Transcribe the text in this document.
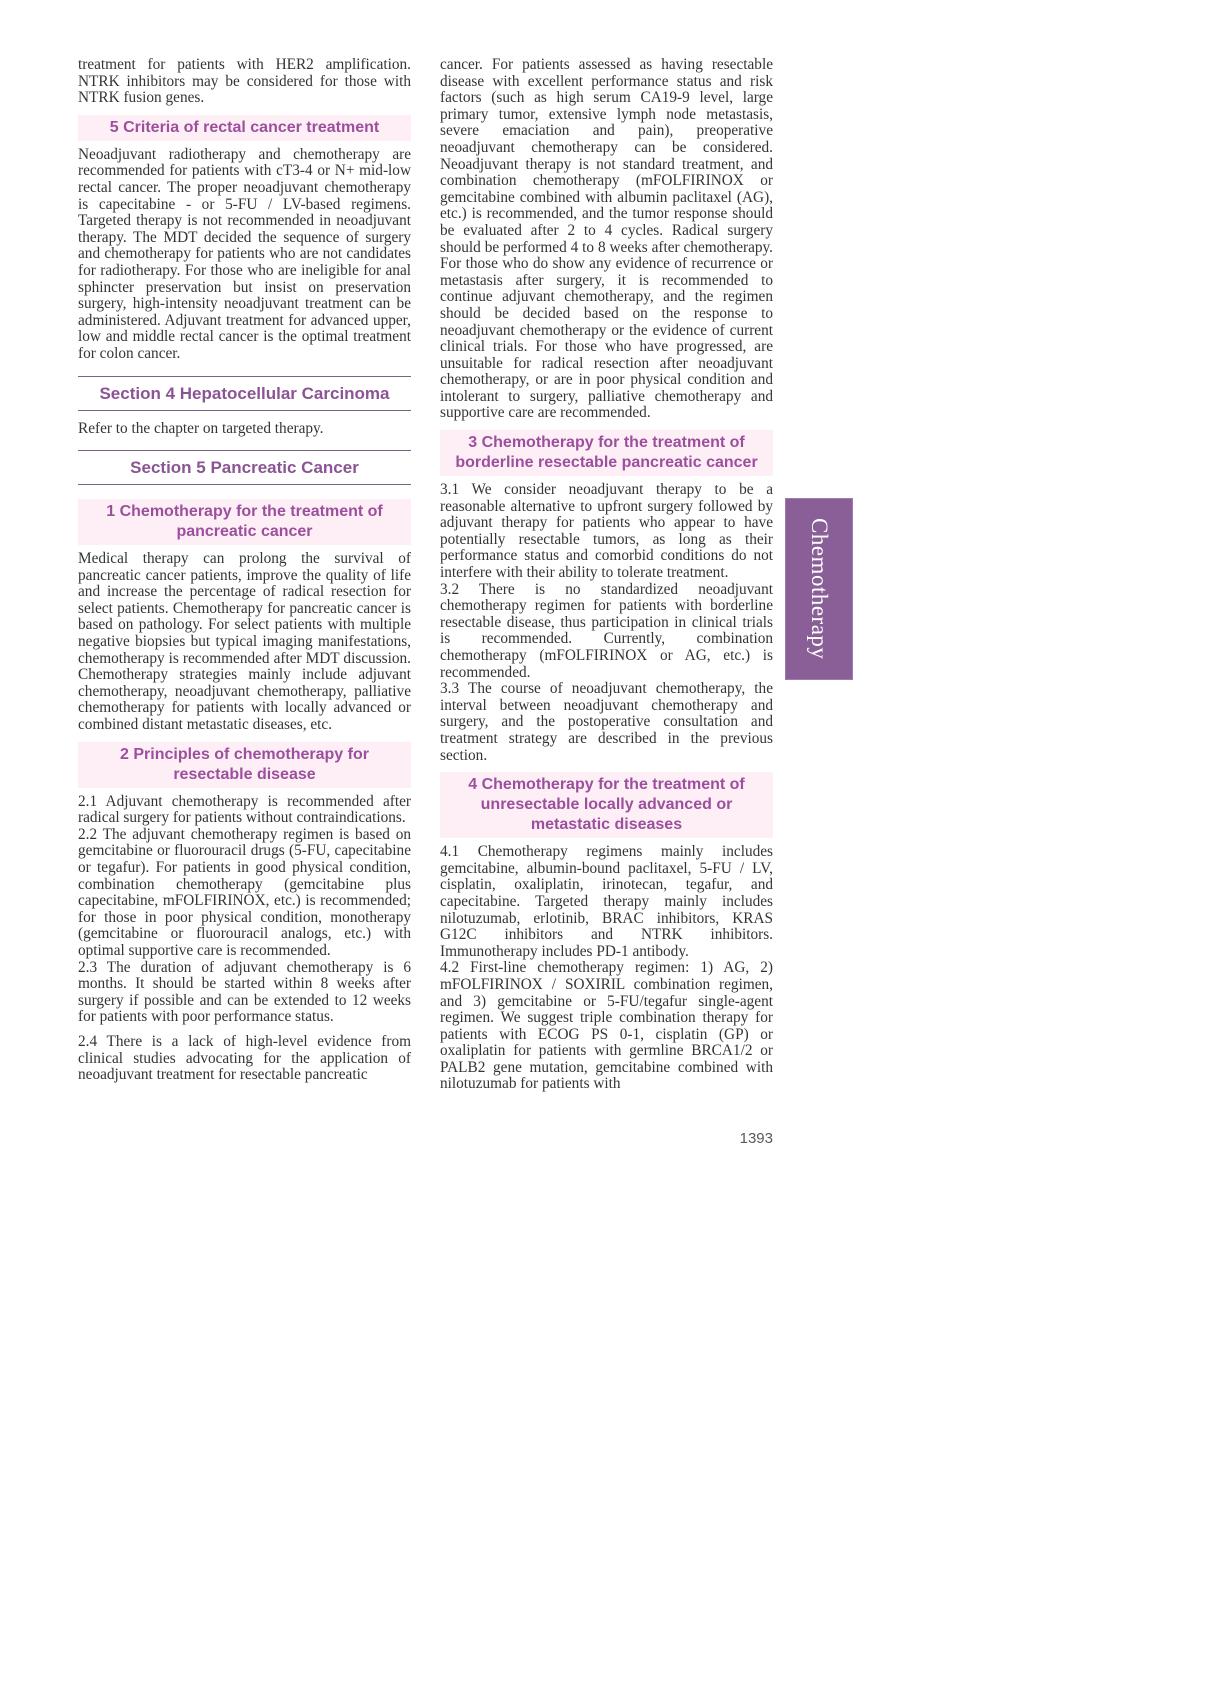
treatment for patients with HER2 amplification. NTRK inhibitors may be considered for those with NTRK fusion genes.

5 Criteria of rectal cancer treatment

Neoadjuvant radiotherapy and chemotherapy are recommended for patients with cT3-4 or N+ mid-low rectal cancer. The proper neoadjuvant chemotherapy is capecitabine - or 5-FU / LV-based regimens. Targeted therapy is not recommended in neoadjuvant therapy. The MDT decided the sequence of surgery and chemotherapy for patients who are not candidates for radiotherapy. For those who are ineligible for anal sphincter preservation but insist on preservation surgery, high-intensity neoadjuvant treatment can be administered. Adjuvant treatment for advanced upper, low and middle rectal cancer is the optimal treatment for colon cancer.

Section 4 Hepatocellular Carcinoma

Refer to the chapter on targeted therapy.

Section 5 Pancreatic Cancer
1 Chemotherapy for the treatment of pancreatic cancer

Medical therapy can prolong the survival of pancreatic cancer patients, improve the quality of life and increase the percentage of radical resection for select patients. Chemotherapy for pancreatic cancer is based on pathology. For select patients with multiple negative biopsies but typical imaging manifestations, chemotherapy is recommended after MDT discussion. Chemotherapy strategies mainly include adjuvant chemotherapy, neoadjuvant chemotherapy, palliative chemotherapy for patients with locally advanced or combined distant metastatic diseases, etc.

2 Principles of chemotherapy for resectable disease

2.1 Adjuvant chemotherapy is recommended after radical surgery for patients without contraindications.

2.2 The adjuvant chemotherapy regimen is based on gemcitabine or fluorouracil drugs (5-FU, capecitabine or tegafur). For patients in good physical condition, combination chemotherapy (gemcitabine plus capecitabine, mFOLFIRINOX, etc.) is recommended; for those in poor physical condition, monotherapy (gemcitabine or fluorouracil analogs, etc.) with optimal supportive care is recommended.

2.3 The duration of adjuvant chemotherapy is 6 months. It should be started within 8 weeks after surgery if possible and can be extended to 12 weeks for patients with poor performance status.

2.4 There is a lack of high-level evidence from clinical studies advocating for the application of neoadjuvant treatment for resectable pancreatic

cancer. For patients assessed as having resectable disease with excellent performance status and risk factors (such as high serum CA19-9 level, large primary tumor, extensive lymph node metastasis, severe emaciation and pain), preoperative neoadjuvant chemotherapy can be considered. Neoadjuvant therapy is not standard treatment, and combination chemotherapy (mFOLFIRINOX or gemcitabine combined with albumin paclitaxel (AG), etc.) is recommended, and the tumor response should be evaluated after 2 to 4 cycles. Radical surgery should be performed 4 to 8 weeks after chemotherapy. For those who do show any evidence of recurrence or metastasis after surgery, it is recommended to continue adjuvant chemotherapy, and the regimen should be decided based on the response to neoadjuvant chemotherapy or the evidence of current clinical trials. For those who have progressed, are unsuitable for radical resection after neoadjuvant chemotherapy, or are in poor physical condition and intolerant to surgery, palliative chemotherapy and supportive care are recommended.

3 Chemotherapy for the treatment of borderline resectable pancreatic cancer

3.1 We consider neoadjuvant therapy to be a reasonable alternative to upfront surgery followed by adjuvant therapy for patients who appear to have potentially resectable tumors, as long as their performance status and comorbid conditions do not interfere with their ability to tolerate treatment.

3.2 There is no standardized neoadjuvant chemotherapy regimen for patients with borderline resectable disease, thus participation in clinical trials is recommended. Currently, combination chemotherapy (mFOLFIRINOX or AG, etc.) is recommended.

3.3 The course of neoadjuvant chemotherapy, the interval between neoadjuvant chemotherapy and surgery, and the postoperative consultation and treatment strategy are described in the previous section.

4 Chemotherapy for the treatment of unresectable locally advanced or metastatic diseases

4.1 Chemotherapy regimens mainly includes gemcitabine, albumin-bound paclitaxel, 5-FU / LV, cisplatin, oxaliplatin, irinotecan, tegafur, and capecitabine. Targeted therapy mainly includes nilotuzumab, erlotinib, BRAC inhibitors, KRAS G12C inhibitors and NTRK inhibitors. Immunotherapy includes PD-1 antibody.

4.2 First-line chemotherapy regimen: 1) AG, 2) mFOLFIRINOX / SOXIRIL combination regimen, and 3) gemcitabine or 5-FU/tegafur single-agent regimen. We suggest triple combination therapy for patients with ECOG PS 0-1, cisplatin (GP) or oxaliplatin for patients with germline BRCA1/2 or PALB2 gene mutation, gemcitabine combined with nilotuzumab for patients with

Chemotherapy
1393
